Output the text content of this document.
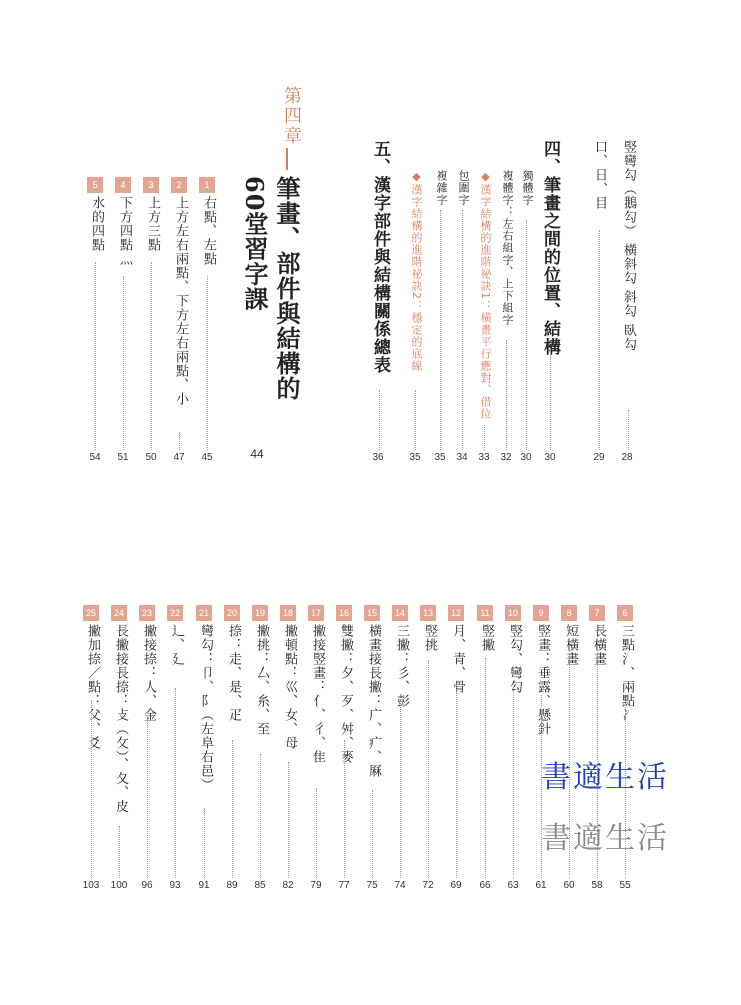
竪彎勾（鵝勾） 橫斜勾 斜勾 臥勾
28
口、日、目
29
四、筆畫之間的位置、結構
30
獨體字
30
複體字：左右組字、上下組字
32
◆漢字結構的進階祕訣1：橫畫平行應對、借位
33
包圍字
34
複雜字
35
◆漢字結構的進階祕訣2：穩定的底線
35
五、漢字部件與結構關係總表
36
第四章
筆畫、部件與結構的
60堂習字課
44
1
右點、左點
45
2
上方左右兩點、下方左右兩點、小
47
3
上方三點
50
4
下方四點灬
51
5
水的四點
54
6
三點氵、兩點冫
55
7
長橫畫
58
8
短橫畫
60
9
竪畫：垂露、懸針
61
10
竪勾、彎勾
63
11
竪撇
66
12
月、青、骨
69
13
竪挑
72
14
三撇：彡、彭
74
15
橫畫接長撇：广、疒、厤
75
16
雙撇：夕、歹、舛、麥
77
17
撇接竪畫：亻、彳、隹
79
18
撇頓點：巛、女、母
82
19
撇挑：厶、糸、至
85
20
捺：走、是、疋
89
21
彎勾：卩、阝（左阜右邑）
91
22
辶、廴
93
23
撇接捺：人、金
96
24
長撇接長捺：攴（攵）、夂、皮
100
25
撇加捺／點：父、爻
103
書適生活
書適生活
